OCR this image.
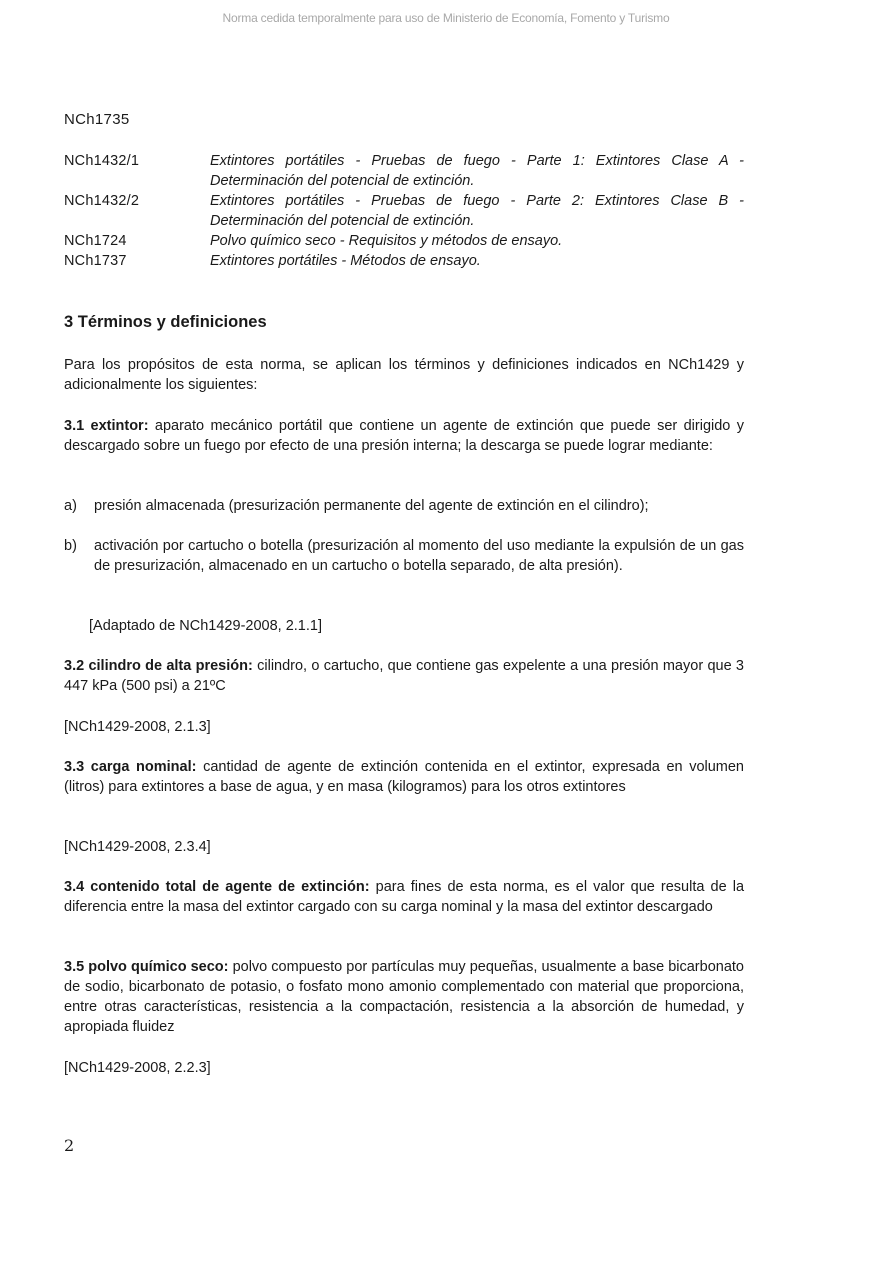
Norma cedida temporalmente para uso de Ministerio de Economía, Fomento y Turismo
NCh1735
NCh1432/1	Extintores portátiles - Pruebas de fuego - Parte 1: Extintores Clase A - Determinación del potencial de extinción.
NCh1432/2	Extintores portátiles - Pruebas de fuego - Parte 2: Extintores Clase B - Determinación del potencial de extinción.
NCh1724	Polvo químico seco - Requisitos y métodos de ensayo.
NCh1737	Extintores portátiles - Métodos de ensayo.
3 Términos y definiciones
Para los propósitos de esta norma, se aplican los términos y definiciones indicados en NCh1429 y adicionalmente los siguientes:
3.1 extintor: aparato mecánico portátil que contiene un agente de extinción que puede ser dirigido y descargado sobre un fuego por efecto de una presión interna; la descarga se puede lograr mediante:
a)	presión almacenada (presurización permanente del agente de extinción en el cilindro);
b)	activación por cartucho o botella (presurización al momento del uso mediante la expulsión de un gas de presurización, almacenado en un cartucho o botella separado, de alta presión).
[Adaptado de NCh1429-2008, 2.1.1]
3.2 cilindro de alta presión: cilindro, o cartucho, que contiene gas expelente a una presión mayor que 3 447 kPa (500 psi) a 21ºC
[NCh1429-2008, 2.1.3]
3.3 carga nominal: cantidad de agente de extinción contenida en el extintor, expresada en volumen (litros) para extintores a base de agua, y en masa (kilogramos) para los otros extintores
[NCh1429-2008, 2.3.4]
3.4 contenido total de agente de extinción: para fines de esta norma, es el valor que resulta de la diferencia entre la masa del extintor cargado con su carga nominal y la masa del extintor descargado
3.5 polvo químico seco: polvo compuesto por partículas muy pequeñas, usualmente a base bicarbonato de sodio, bicarbonato de potasio, o fosfato mono amonio complementado con material que proporciona, entre otras características, resistencia a la compactación, resistencia a la absorción de humedad, y apropiada fluidez
[NCh1429-2008, 2.2.3]
2
